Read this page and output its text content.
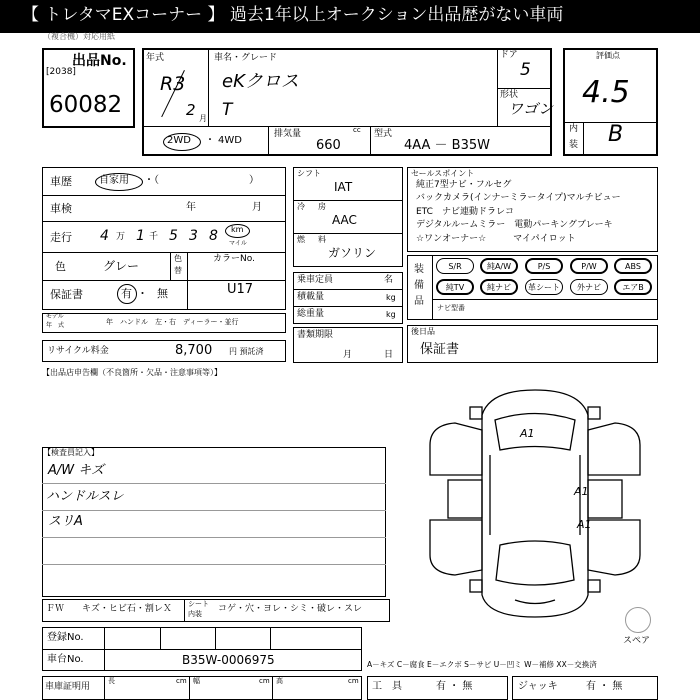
【 トレタマEXコーナー 】 過去1年以上オークション出品歴がない車両
（複合機）対応用紙
出品No.
[2038]
60082
年式
R3
2 月
車名・グレード
eKクロス
T
ドア
5
形状
ワゴン
2WD ・ 4WD
排気量	cc
660
型式
4AA － B35W
評価点
4.5
内
装 B
車歴	自家用 ・（　　　　　　　　　）
車検	年	月
走行 4 万 1 千 5 3 8 km
マイル
色	グレー
色
替
カラーNo.
U17
保証書	有 ・ 無
モデル
年　式	年　ハンドル　左・右　ディーラー・並行
リサイクル料金	8,700 円 預託済
【出品店申告欄（不良箇所・欠品・注意事項等）】
シフト
IAT
冷 房
AAC
燃 料
ガソリン
乗車定員	名
積載量	kg
総重量	kg
書類期限
月	日
セールスポイント
純正7型ナビ・フルセグ
バックカメラ(インナーミラータイプ)マルチビュー
ETC　ナビ連動ドラレコ
デジタルルームミラー　電動パーキングブレーキ
☆ワンオーナー☆　　　マイパイロット
装
備
品
S/R	純A/W	P/S	P/W	ABS
純TV	純ナビ	革シート	外ナビ	エアB
ナビ型番
後日品
保証書
【検査員記入】
A/W キズ
ハンドルスレ
スリA
A1
A1
A1
スペア
ＦＷ キズ・ヒビ石・割レＸ シート
内装 コゲ・穴・ヨレ・シミ・破レ・スレ
登録No.
車台No.	B35W-0006975	A－キズ C－腐食 E－エクボ S－サビ U－凹ミ W－補修 XX－交換済
車庫証明用
長	cm 幅	cm 高	cm 工　具	有 ・ 無	ジャッキ	有 ・ 無
